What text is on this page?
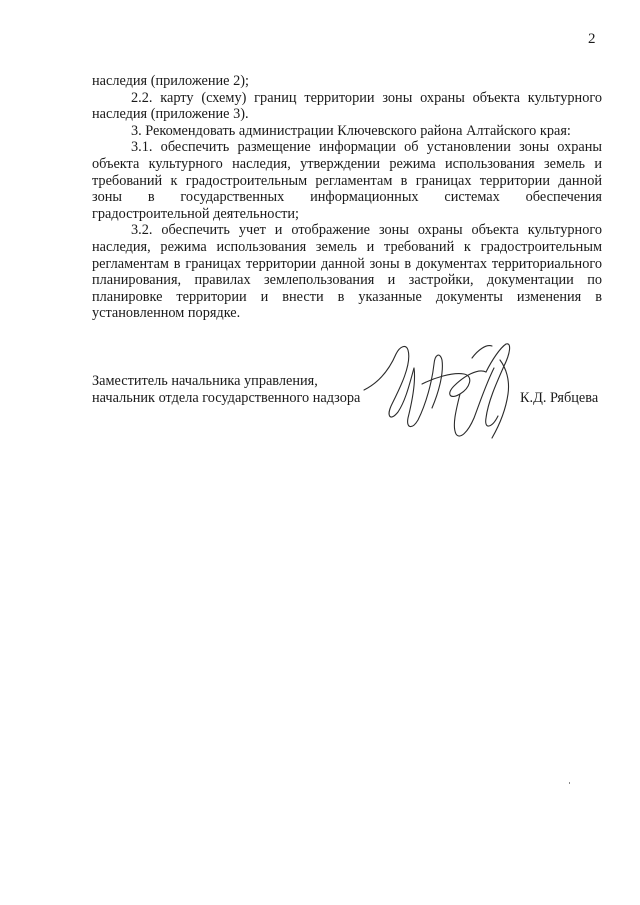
2

наследия (приложение 2);

2.2. карту (схему) границ территории зоны охраны объекта культурного наследия (приложение 3).

3. Рекомендовать администрации Ключевского района Алтайского края:

3.1. обеспечить размещение информации об установлении зоны охраны объекта культурного наследия, утверждении режима использования земель и требований к градостроительным регламентам в границах территории данной зоны в государственных информационных системах обеспечения градостроительной деятельности;

3.2. обеспечить учет и отображение зоны охраны объекта культурного наследия, режима использования земель и требований к градостроительным регламентам в границах территории данной зоны в документах территориального планирования, правилах землепользования и застройки, документации по планировке территории и внести в указанные документы изменения в установленном порядке.

Заместитель начальника управления,
начальник отдела государственного надзора	К.Д. Рябцева
